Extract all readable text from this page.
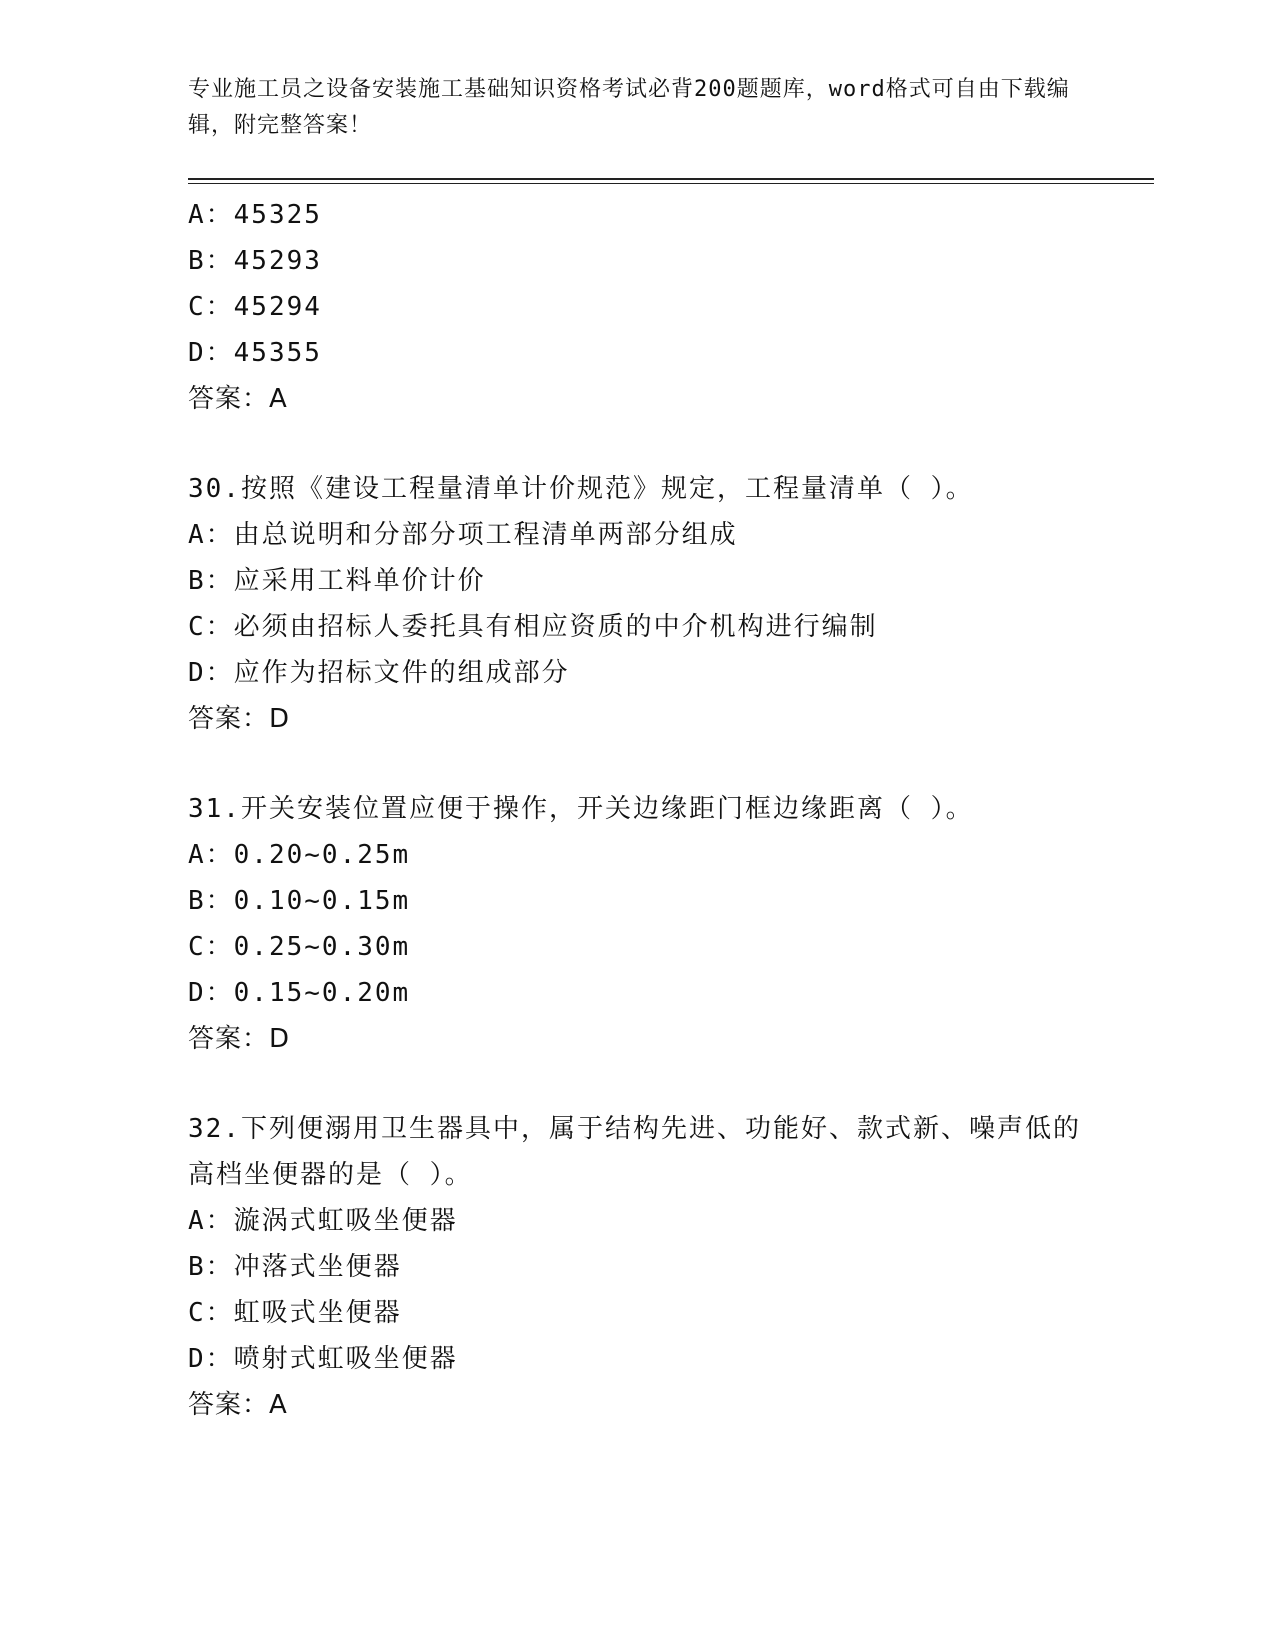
专业施工员之设备安装施工基础知识资格考试必背200题题库，word格式可自由下载编辑，附完整答案！
A：45325
B：45293
C：45294
D：45355
答案：A
30.按照《建设工程量清单计价规范》规定，工程量清单（ ）。
A：由总说明和分部分项工程清单两部分组成
B：应采用工料单价计价
C：必须由招标人委托具有相应资质的中介机构进行编制
D：应作为招标文件的组成部分
答案：D
31.开关安装位置应便于操作，开关边缘距门框边缘距离（ ）。
A：0.20~0.25m
B：0.10~0.15m
C：0.25~0.30m
D：0.15~0.20m
答案：D
32.下列便溺用卫生器具中，属于结构先进、功能好、款式新、噪声低的高档坐便器的是（ ）。
A：漩涡式虹吸坐便器
B：冲落式坐便器
C：虹吸式坐便器
D：喷射式虹吸坐便器
答案：A
